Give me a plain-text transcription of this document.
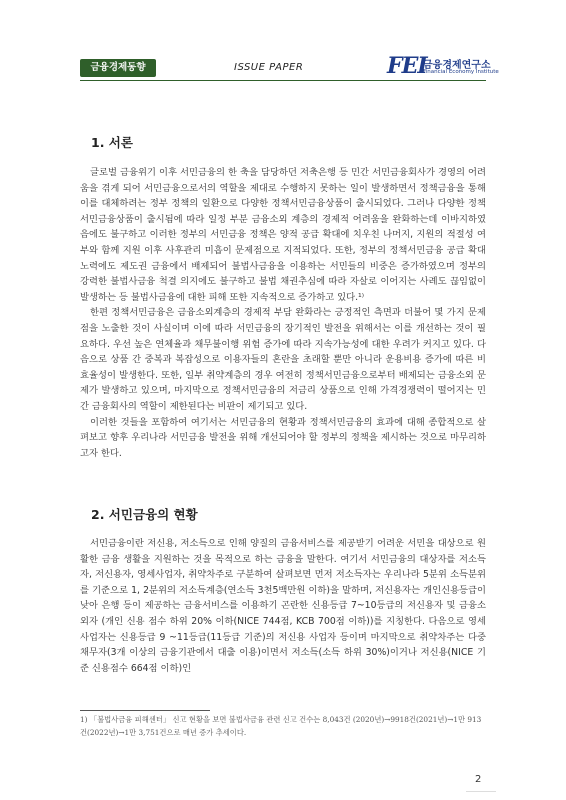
금융경제동향	ISSUE PAPER	FEI
금융경제연구소
Financial Economy Institute
1. 서론

글로벌 금융위기 이후 서민금융의 한 축을 담당하던 저축은행 등 민간 서민금융회사가 경영의 어려움을 겪게 되어 서민금융으로서의 역할을 제대로 수행하지 못하는 일이 발생하면서 정책금융을 통해 이를 대체하려는 정부 정책의 일환으로 다양한 정책서민금융상품이 출시되었다. 그러나 다양한 정책서민금융상품이 출시됨에 따라 일정 부분 금융소외 계층의 경제적 어려움을 완화하는데 이바지하였음에도 불구하고 이러한 정부의 서민금융 정책은 양적 공급 확대에 치우친 나머지, 지원의 적절성 여부와 함께 지원 이후 사후관리 미흡이 문제점으로 지적되었다. 또한, 정부의 정책서민금융 공급 확대 노력에도 제도권 금융에서 배제되어 불법사금융을 이용하는 서민들의 비중은 증가하였으며 정부의 강력한 불법사금융 척결 의지에도 불구하고 불법 채권추심에 따라 자살로 이어지는 사례도 끊임없이 발생하는 등 불법사금융에 대한 피해 또한 지속적으로 증가하고 있다.¹⁾

한편 정책서민금융은 금융소외계층의 경제적 부담 완화라는 긍정적인 측면과 더불어 몇 가지 문제점을 노출한 것이 사실이며 이에 따라 서민금융의 장기적인 발전을 위해서는 이를 개선하는 것이 필요하다. 우선 높은 연체율과 채무불이행 위험 증가에 따라 지속가능성에 대한 우려가 커지고 있다. 다음으로 상품 간 중복과 복잡성으로 이용자들의 혼란을 초래할 뿐만 아니라 운용비용 증가에 따른 비효율성이 발생한다. 또한, 일부 취약계층의 경우 여전히 정책서민금융으로부터 배제되는 금융소외 문제가 발생하고 있으며, 마지막으로 정책서민금융의 저금리 상품으로 인해 가격경쟁력이 떨어지는 민간 금융회사의 역할이 제한된다는 비판이 제기되고 있다.

이러한 것들을 포함하여 여기서는 서민금융의 현황과 정책서민금융의 효과에 대해 종합적으로 살펴보고 향후 우리나라 서민금융 발전을 위해 개선되어야 할 정부의 정책을 제시하는 것으로 마무리하고자 한다.

2. 서민금융의 현황

서민금융이란 저신용, 저소득으로 인해 양질의 금융서비스를 제공받기 어려운 서민을 대상으로 원활한 금융 생활을 지원하는 것을 목적으로 하는 금융을 말한다. 여기서 서민금융의 대상자를 저소득자, 저신용자, 영세사업자, 취약차주로 구분하여 살펴보면 먼저 저소득자는 우리나라 5분위 소득분위를 기준으로 1, 2분위의 저소득계층(연소득 3천5백만원 이하)을 말하며, 저신용자는 개인신용등급이 낮아 은행 등이 제공하는 금융서비스를 이용하기 곤란한 신용등급 7~10등급의 저신용자 및 금융소외자 (개인 신용 점수 하위 20% 이하(NICE 744점, KCB 700점 이하))를 지칭한다. 다음으로 영세사업자는 신용등급 9 ~11등급(11등급 기준)의 저신용 사업자 등이며 마지막으로 취약차주는 다중채무자(3개 이상의 금융기관에서 대출 이용)이면서 저소득(소득 하위 30%)이거나 저신용(NICE 기준 신용점수 664점 이하)인

1) 「불법사금융 피해센터」 신고 현황을 보면 불법사금융 관련 신고 건수는 8,043건 (2020년)→9918건(2021년)→1만 913건(2022년)→1만 3,751건으로 매년 증가 추세이다.
2
